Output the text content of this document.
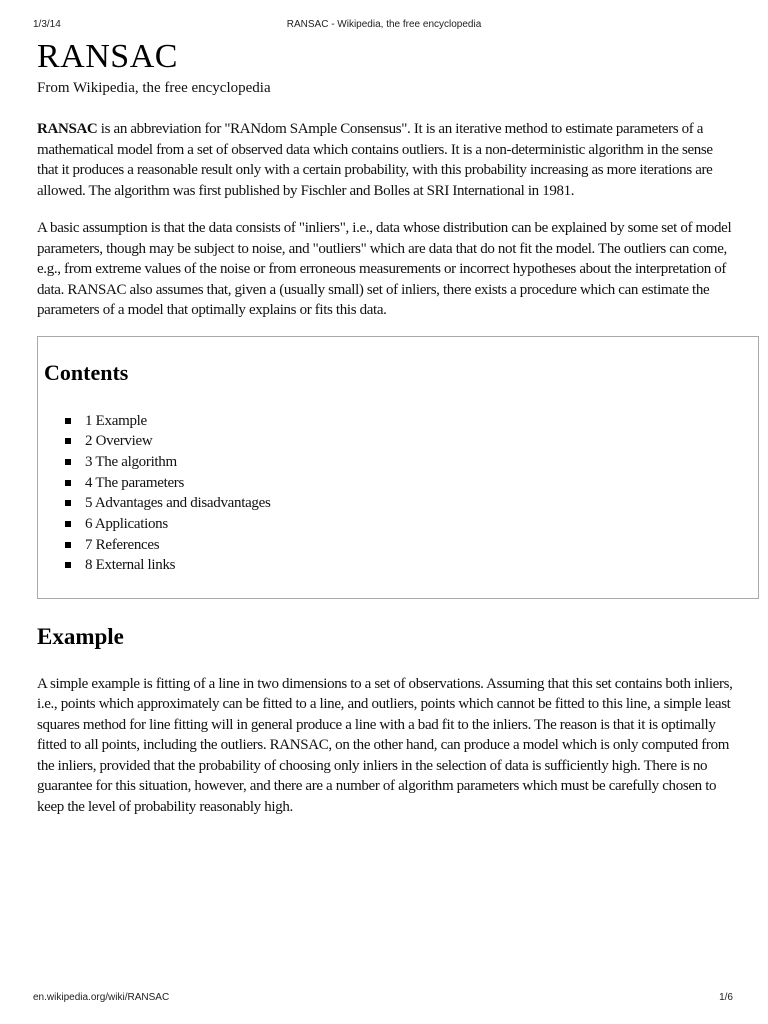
1/3/14	RANSAC - Wikipedia, the free encyclopedia
RANSAC

From Wikipedia, the free encyclopedia

RANSAC is an abbreviation for "RANdom SAmple Consensus". It is an iterative method to estimate parameters of a mathematical model from a set of observed data which contains outliers. It is a non-deterministic algorithm in the sense that it produces a reasonable result only with a certain probability, with this probability increasing as more iterations are allowed. The algorithm was first published by Fischler and Bolles at SRI International in 1981.

A basic assumption is that the data consists of "inliers", i.e., data whose distribution can be explained by some set of model parameters, though may be subject to noise, and "outliers" which are data that do not fit the model. The outliers can come, e.g., from extreme values of the noise or from erroneous measurements or incorrect hypotheses about the interpretation of data. RANSAC also assumes that, given a (usually small) set of inliers, there exists a procedure which can estimate the parameters of a model that optimally explains or fits this data.

Contents
1 Example
2 Overview
3 The algorithm
4 The parameters
5 Advantages and disadvantages
6 Applications
7 References
8 External links
Example

A simple example is fitting of a line in two dimensions to a set of observations. Assuming that this set contains both inliers, i.e., points which approximately can be fitted to a line, and outliers, points which cannot be fitted to this line, a simple least squares method for line fitting will in general produce a line with a bad fit to the inliers. The reason is that it is optimally fitted to all points, including the outliers. RANSAC, on the other hand, can produce a model which is only computed from the inliers, provided that the probability of choosing only inliers in the selection of data is sufficiently high. There is no guarantee for this situation, however, and there are a number of algorithm parameters which must be carefully chosen to keep the level of probability reasonably high.

en.wikipedia.org/wiki/RANSAC	1/6
